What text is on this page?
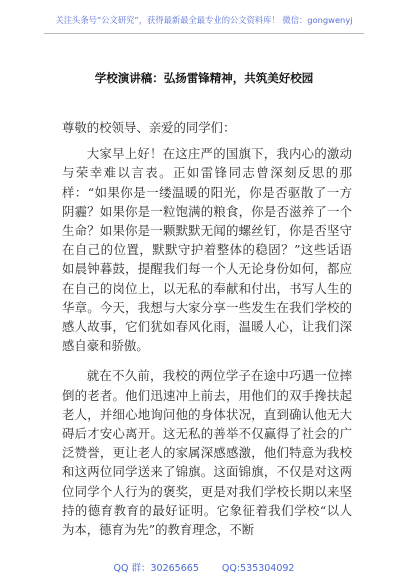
关注头条号“公文研究”，获得最新最全最专业的公文资料库！ 微信：gongwenyj
学校演讲稿：弘扬雷锋精神，共筑美好校园

尊敬的校领导、亲爱的同学们：

大家早上好！在这庄严的国旗下，我内心的激动与荣幸难以言表。正如雷锋同志曾深刻反思的那样：“如果你是一缕温暖的阳光，你是否驱散了一方阴霾？如果你是一粒饱满的粮食，你是否滋养了一个生命？如果你是一颗默默无闻的螺丝钉，你是否坚守在自己的位置，默默守护着整体的稳固？”这些话语如晨钟暮鼓，提醒我们每一个人无论身份如何，都应在自己的岗位上，以无私的奉献和付出，书写人生的华章。今天，我想与大家分享一些发生在我们学校的感人故事，它们犹如春风化雨，温暖人心，让我们深感自豪和骄傲。

就在不久前，我校的两位学子在途中巧遇一位摔倒的老者。他们迅速冲上前去，用他们的双手搀扶起老人，并细心地询问他的身体状况，直到确认他无大碍后才安心离开。这无私的善举不仅赢得了社会的广泛赞誉，更让老人的家属深感感激，他们特意为我校和这两位同学送来了锦旗。这面锦旗，不仅是对这两位同学个人行为的褒奖，更是对我们学校长期以来坚持的德育教育的最好证明。它象征着我们学校“以人为本，德育为先”的教育理念，不断

QQ 群：30265665 QQ:535304092
